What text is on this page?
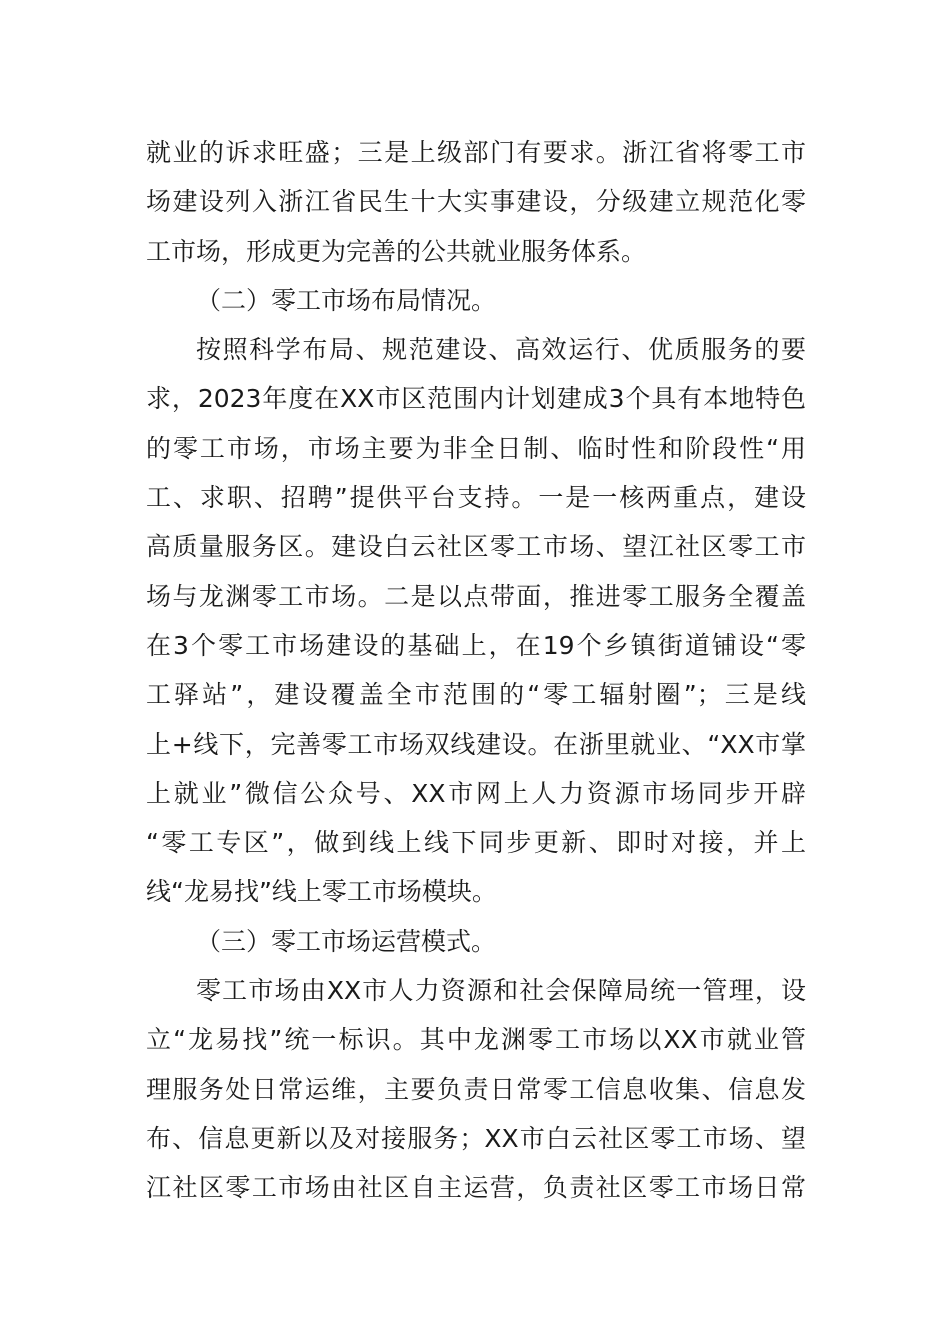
就业的诉求旺盛；三是上级部门有要求。浙江省将零工市
场建设列入浙江省民生十大实事建设，分级建立规范化零
工市场，形成更为完善的公共就业服务体系。
（二）零工市场布局情况。
按照科学布局、规范建设、高效运行、优质服务的要
求，2023年度在XX市区范围内计划建成3个具有本地特色
的零工市场，市场主要为非全日制、临时性和阶段性“用
工、求职、招聘”提供平台支持。一是一核两重点，建设
高质量服务区。建设白云社区零工市场、望江社区零工市
场与龙渊零工市场。二是以点带面，推进零工服务全覆盖
在3个零工市场建设的基础上，在19个乡镇街道铺设“零
工驿站”，建设覆盖全市范围的“零工辐射圈”；三是线
上+线下，完善零工市场双线建设。在浙里就业、“XX市掌
上就业”微信公众号、XX市网上人力资源市场同步开辟
“零工专区”，做到线上线下同步更新、即时对接，并上
线“龙易找”线上零工市场模块。
（三）零工市场运营模式。
零工市场由XX市人力资源和社会保障局统一管理，设
立“龙易找”统一标识。其中龙渊零工市场以XX市就业管
理服务处日常运维，主要负责日常零工信息收集、信息发
布、信息更新以及对接服务；XX市白云社区零工市场、望
江社区零工市场由社区自主运营，负责社区零工市场日常
